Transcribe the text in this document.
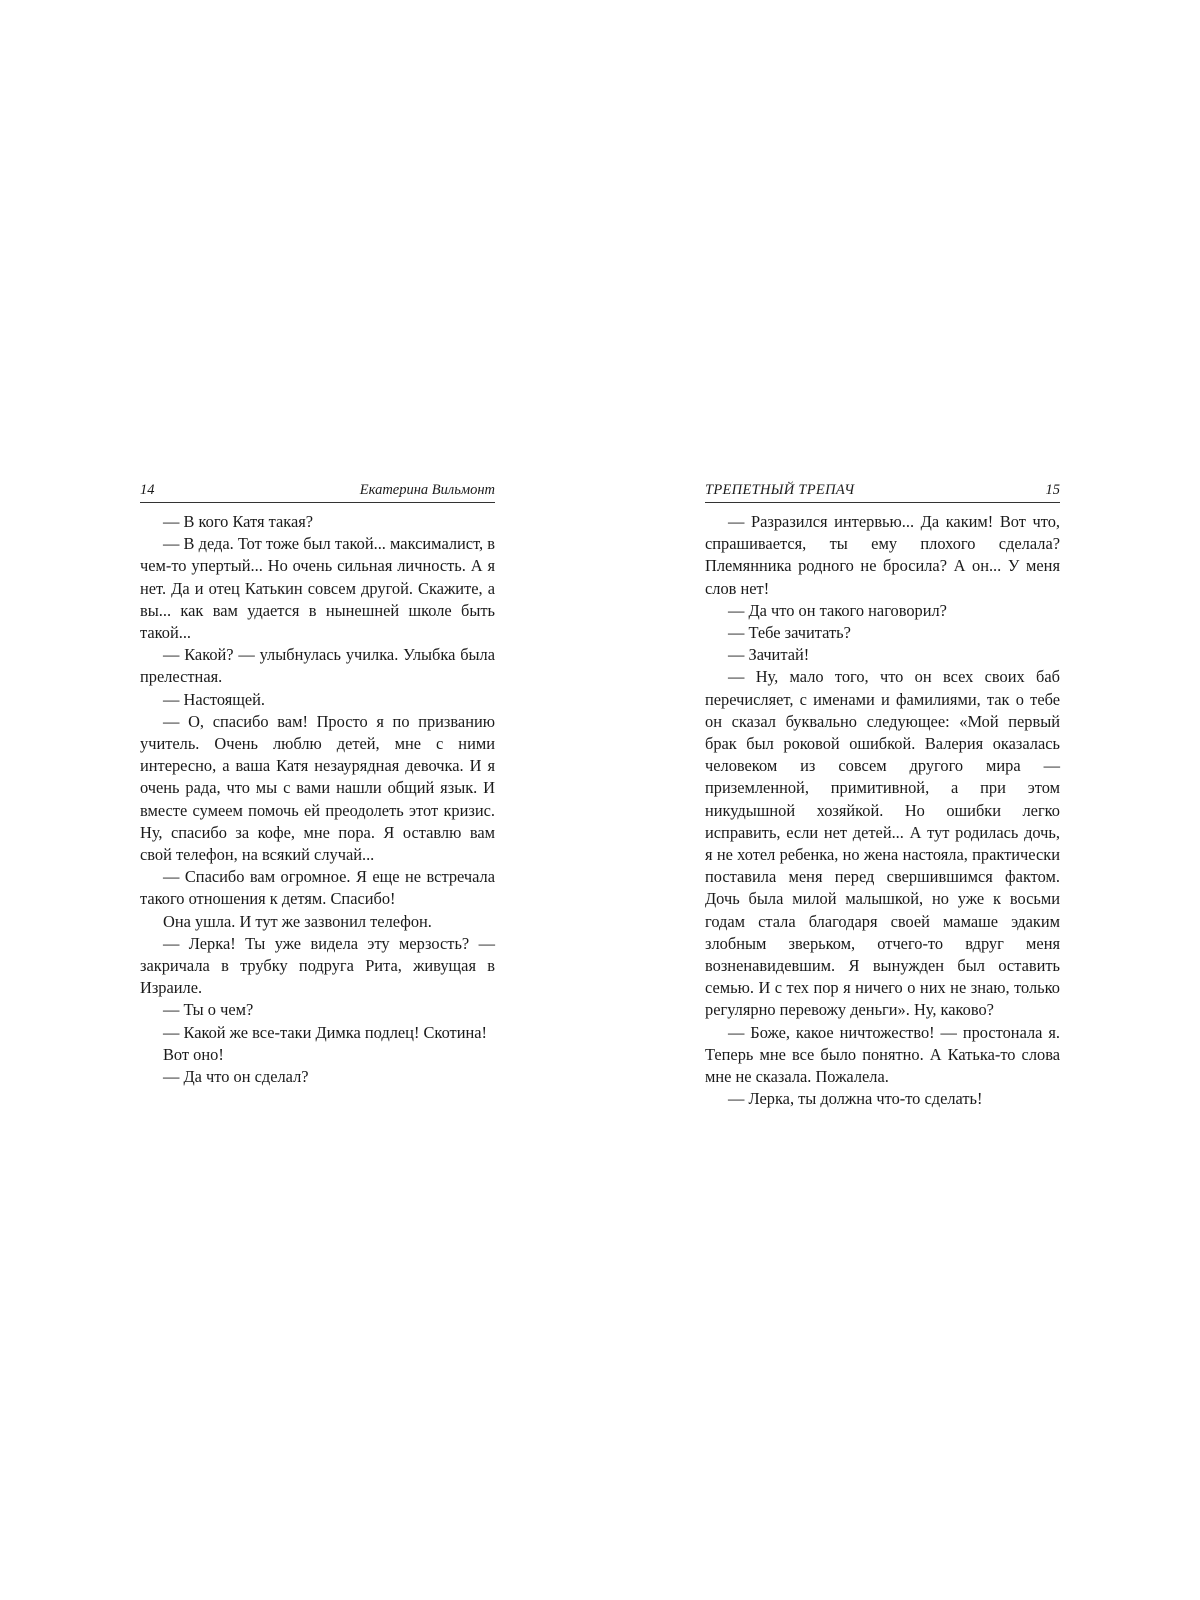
14	Екатерина Вильмонт

— В кого Катя такая?

— В деда. Тот тоже был такой... максималист, в чем-то упертый... Но очень сильная личность. А я нет. Да и отец Катькин совсем другой. Скажите, а вы... как вам удается в нынешней школе быть такой...

— Какой? — улыбнулась училка. Улыбка была прелестная.

— Настоящей.

— О, спасибо вам! Просто я по призванию учитель. Очень люблю детей, мне с ними интересно, а ваша Катя незаурядная девочка. И я очень рада, что мы с вами нашли общий язык. И вместе сумеем помочь ей преодолеть этот кризис. Ну, спасибо за кофе, мне пора. Я оставлю вам свой телефон, на всякий случай...

— Спасибо вам огромное. Я еще не встречала такого отношения к детям. Спасибо!

Она ушла. И тут же зазвонил телефон.

— Лерка! Ты уже видела эту мерзость? — закричала в трубку подруга Рита, живущая в Израиле.

— Ты о чем?

— Какой же все-таки Димка подлец! Скотина!

Вот оно!

— Да что он сделал?

ТРЕПЕТНЫЙ ТРЕПАЧ	15

— Разразился интервью... Да каким! Вот что, спрашивается, ты ему плохого сделала? Племянника родного не бросила? А он... У меня слов нет!

— Да что он такого наговорил?

— Тебе зачитать?

— Зачитай!

— Ну, мало того, что он всех своих баб перечисляет, с именами и фамилиями, так о тебе он сказал буквально следующее: «Мой первый брак был роковой ошибкой. Валерия оказалась человеком из совсем другого мира — приземленной, примитивной, а при этом никудышной хозяйкой. Но ошибки легко исправить, если нет детей... А тут родилась дочь, я не хотел ребенка, но жена настояла, практически поставила меня перед свершившимся фактом. Дочь была милой малышкой, но уже к восьми годам стала благодаря своей мамаше эдаким злобным зверьком, отчего-то вдруг меня возненавидевшим. Я вынужден был оставить семью. И с тех пор я ничего о них не знаю, только регулярно перевожу деньги». Ну, каково?

— Боже, какое ничтожество! — простонала я. Теперь мне все было понятно. А Катька-то слова мне не сказала. Пожалела.

— Лерка, ты должна что-то сделать!
